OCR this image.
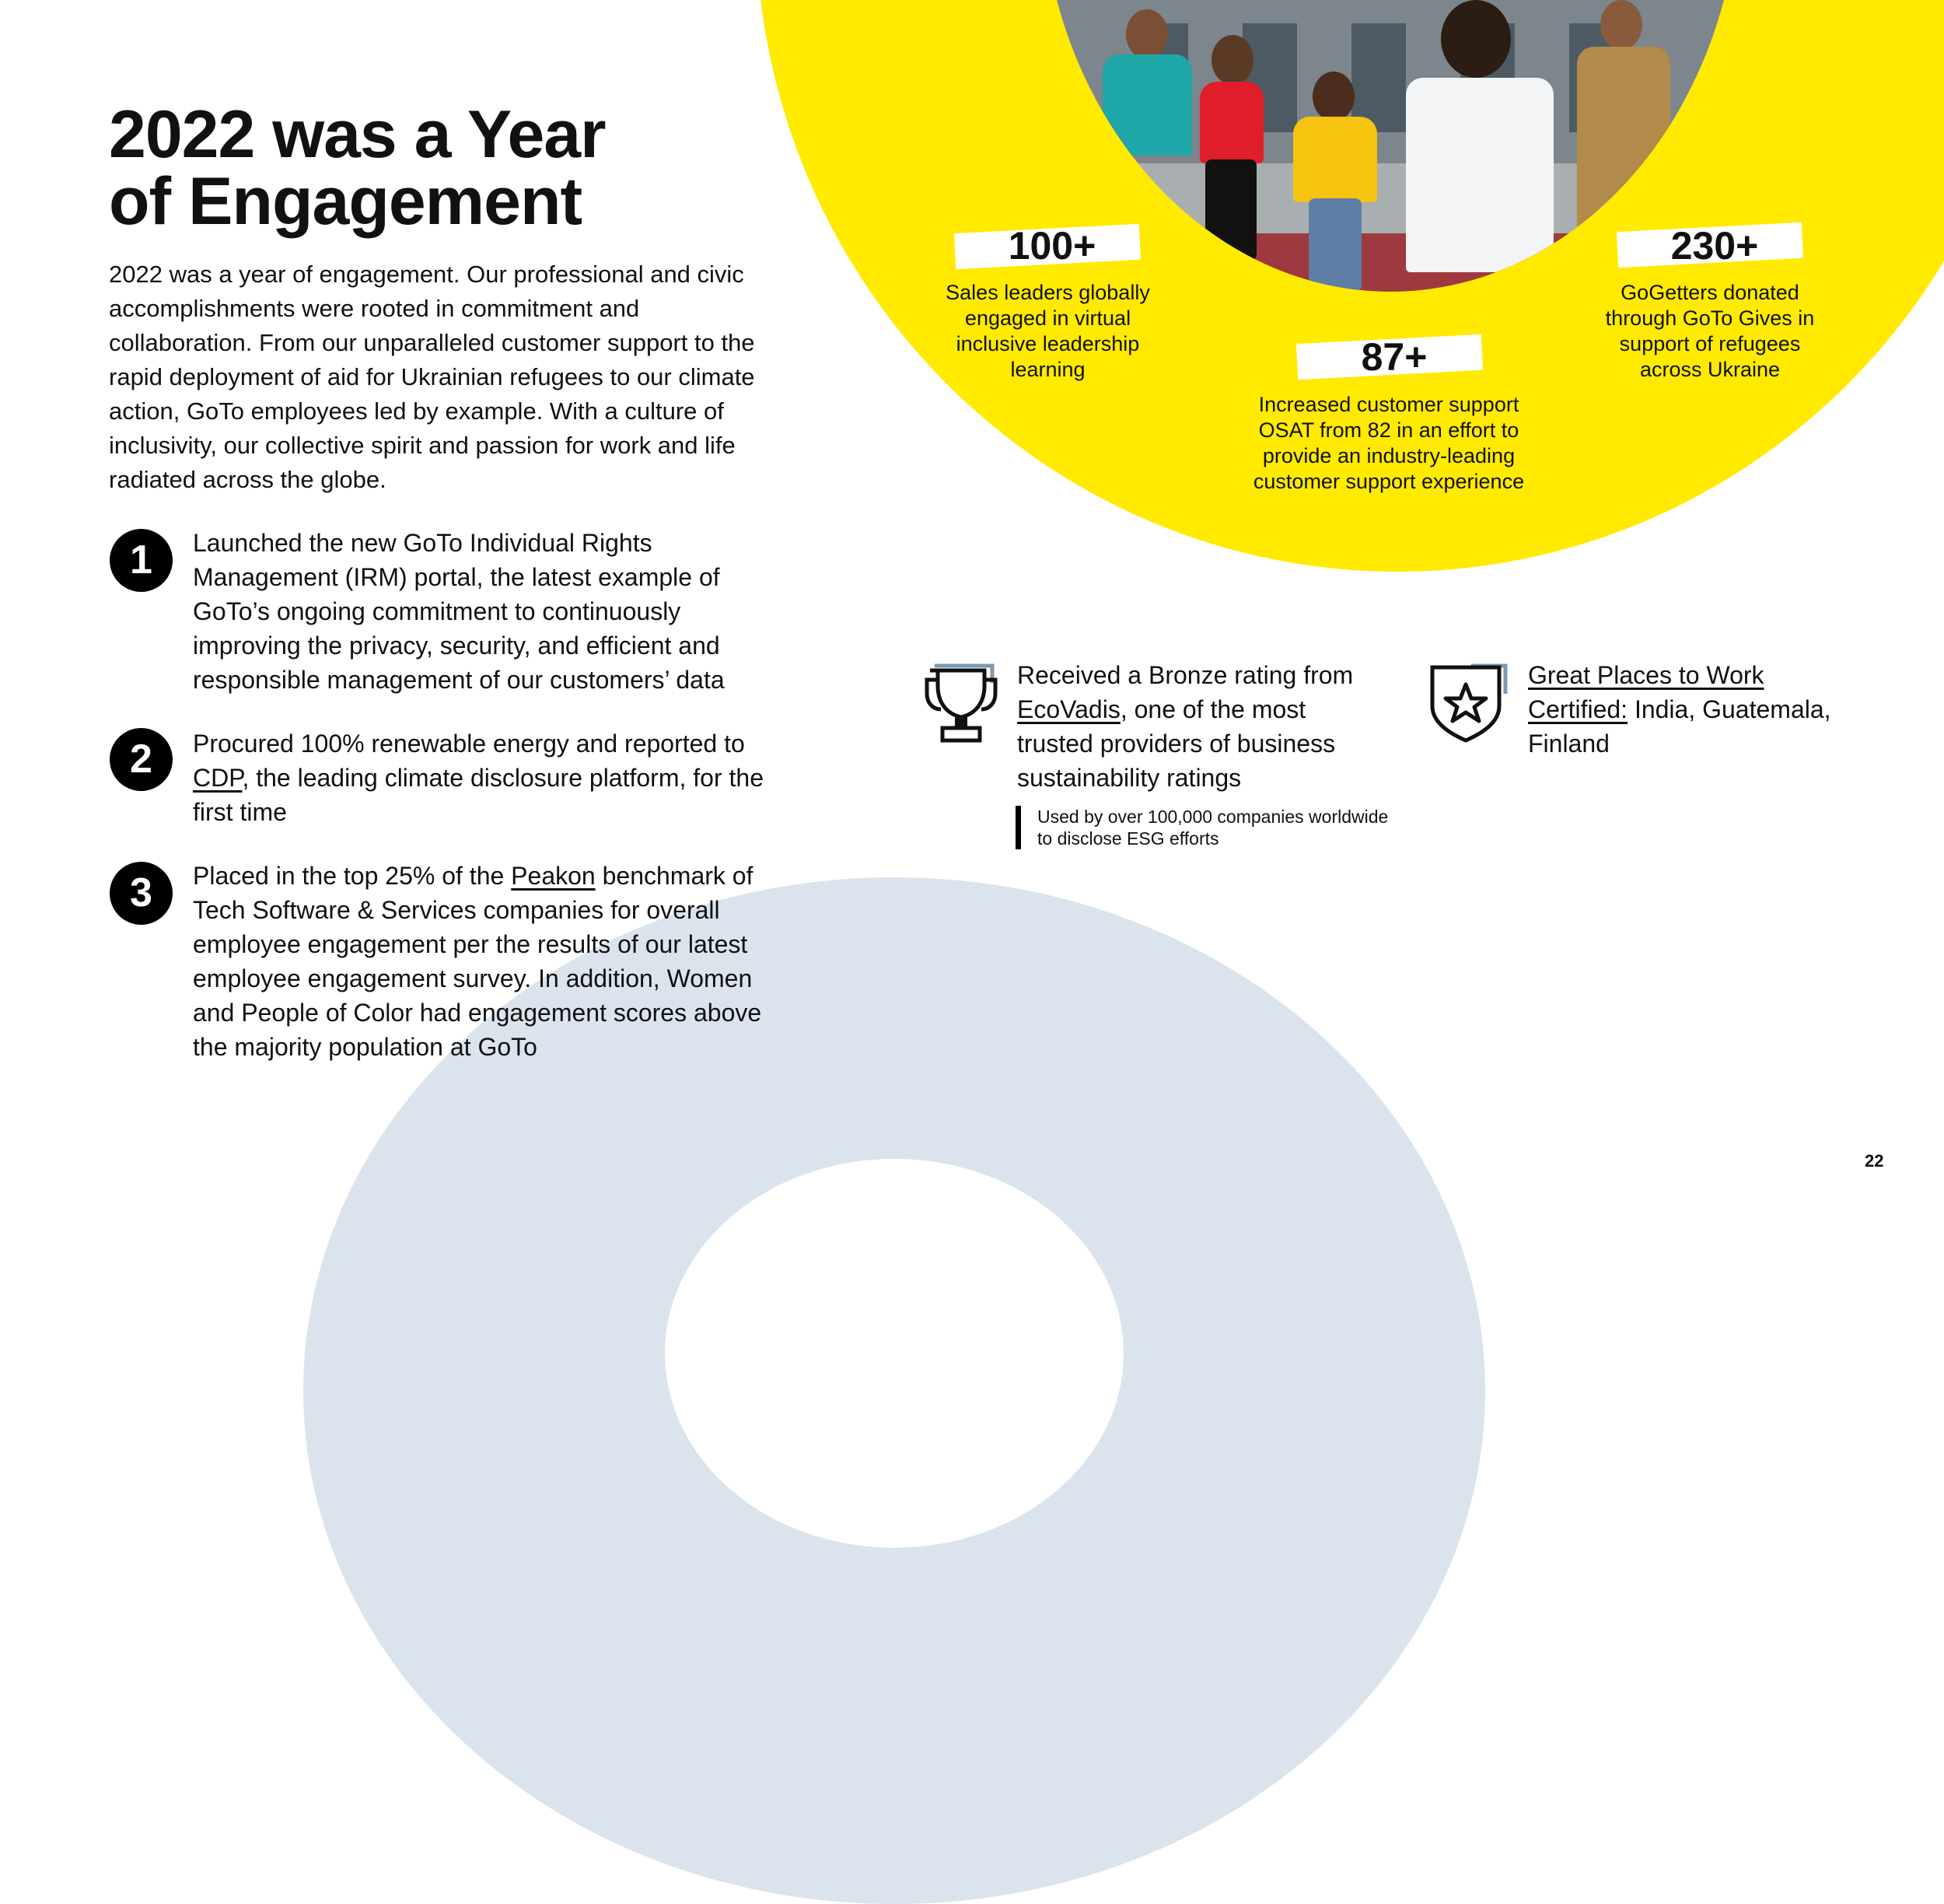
2022 was a Year
of Engagement

2022 was a year of engagement. Our professional and civic accomplishments were rooted in commitment and collaboration. From our unparalleled customer support to the rapid deployment of aid for Ukrainian refugees to our climate action, GoTo employees led by example. With a culture of inclusivity, our collective spirit and passion for work and life radiated across the globe.

1	Launched the new GoTo Individual Rights Management (IRM) portal, the latest example of GoTo’s ongoing commitment to continuously improving the privacy, security, and efficient and responsible management of our customers’ data

2	Procured 100% renewable energy and reported to CDP, the leading climate disclosure platform, for the first time

3	Placed in the top 25% of the Peakon benchmark of Tech Software & Services companies for overall employee engagement per the results of our latest employee engagement survey. In addition, Women and People of Color had engagement scores above the majority population at GoTo

100+
Sales leaders globally engaged in virtual inclusive leadership learning	87+
Increased customer support OSAT from 82 in an effort to provide an industry-leading customer support experience
230+
GoGetters donated through GoTo Gives in support of refugees across Ukraine

Received a Bronze rating from EcoVadis, one of the most trusted providers of business sustainability ratings

Used by over 100,000 companies worldwide to disclose ESG efforts

Great Places to Work Certified: India, Guatemala, Finland

22
